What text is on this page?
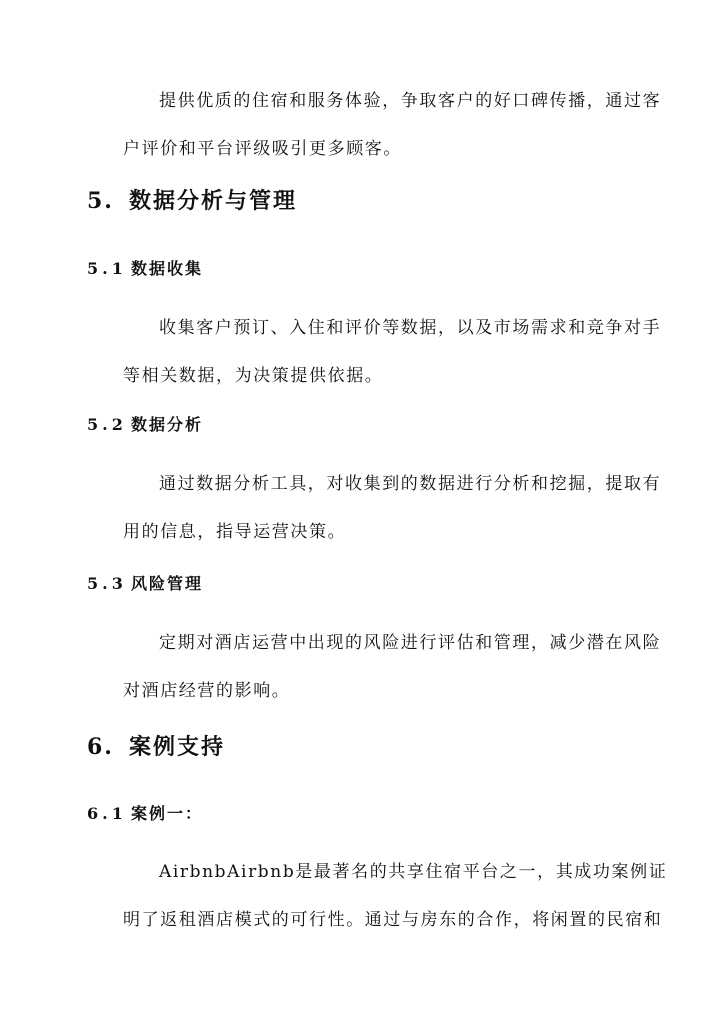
提供优质的住宿和服务体验，争取客户的好口碑传播，通过客
户评价和平台评级吸引更多顾客。
5. 数据分析与管理
5.1 数据收集
收集客户预订、入住和评价等数据，以及市场需求和竞争对手
等相关数据，为决策提供依据。
5.2 数据分析
通过数据分析工具，对收集到的数据进行分析和挖掘，提取有
用的信息，指导运营决策。
5.3 风险管理
定期对酒店运营中出现的风险进行评估和管理，减少潜在风险
对酒店经营的影响。
6. 案例支持
6.1 案例一：
AirbnbAirbnb是最著名的共享住宿平台之一，其成功案例证
明了返租酒店模式的可行性。通过与房东的合作，将闲置的民宿和
